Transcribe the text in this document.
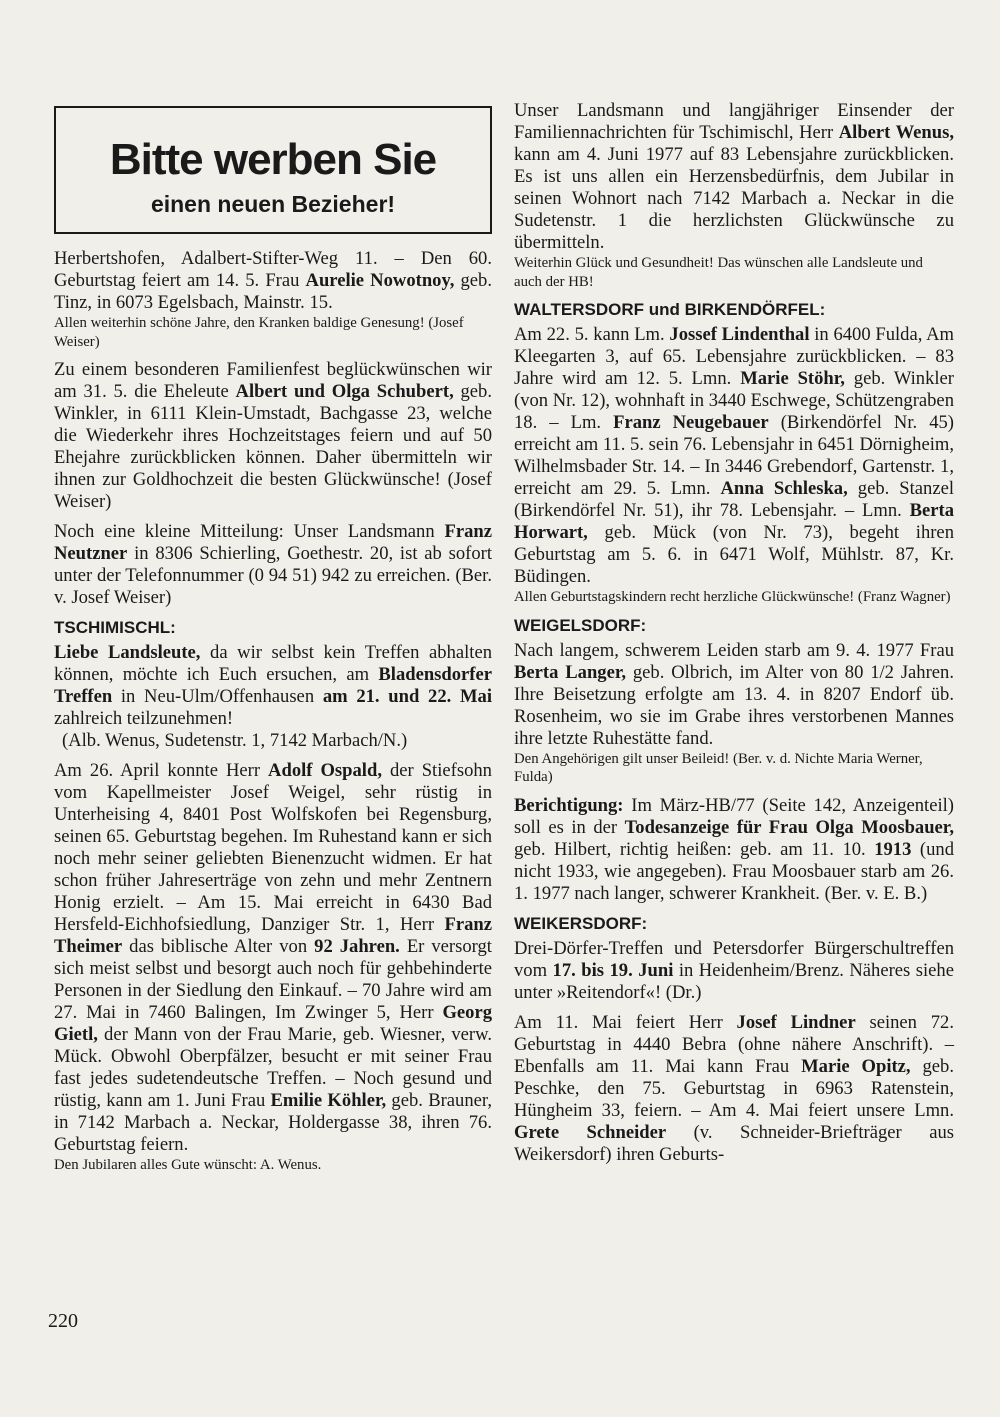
Bitte werben Sie
einen neuen Bezieher!

Herbertshofen, Adalbert-Stifter-Weg 11. – Den 60. Geburtstag feiert am 14. 5. Frau Aurelie Nowotnoy, geb. Tinz, in 6073 Egelsbach, Mainstr. 15.

Allen weiterhin schöne Jahre, den Kranken baldige Genesung! (Josef Weiser)

Zu einem besonderen Familienfest beglückwünschen wir am 31. 5. die Eheleute Albert und Olga Schubert, geb. Winkler, in 6111 Klein-Umstadt, Bachgasse 23, welche die Wiederkehr ihres Hochzeitstages feiern und auf 50 Ehejahre zurückblicken können. Daher übermitteln wir ihnen zur Goldhochzeit die besten Glückwünsche! (Josef Weiser)

Noch eine kleine Mitteilung: Unser Landsmann Franz Neutzner in 8306 Schierling, Goethestr. 20, ist ab sofort unter der Telefonnummer (0 94 51) 942 zu erreichen. (Ber. v. Josef Weiser)

TSCHIMISCHL:

Liebe Landsleute, da wir selbst kein Treffen abhalten können, möchte ich Euch ersuchen, am Bladensdorfer Treffen in Neu-Ulm/Offenhausen am 21. und 22. Mai zahlreich teilzunehmen!

(Alb. Wenus, Sudetenstr. 1, 7142 Marbach/N.)

Am 26. April konnte Herr Adolf Ospald, der Stiefsohn vom Kapellmeister Josef Weigel, sehr rüstig in Unterheising 4, 8401 Post Wolfskofen bei Regensburg, seinen 65. Geburtstag begehen. Im Ruhestand kann er sich noch mehr seiner geliebten Bienenzucht widmen. Er hat schon früher Jahreserträge von zehn und mehr Zentnern Honig erzielt. – Am 15. Mai erreicht in 6430 Bad Hersfeld-Eichhofsiedlung, Danziger Str. 1, Herr Franz Theimer das biblische Alter von 92 Jahren. Er versorgt sich meist selbst und besorgt auch noch für gehbehinderte Personen in der Siedlung den Einkauf. – 70 Jahre wird am 27. Mai in 7460 Balingen, Im Zwinger 5, Herr Georg Gietl, der Mann von der Frau Marie, geb. Wiesner, verw. Mück. Obwohl Oberpfälzer, besucht er mit seiner Frau fast jedes sudetendeutsche Treffen. – Noch gesund und rüstig, kann am 1. Juni Frau Emilie Köhler, geb. Brauner, in 7142 Marbach a. Neckar, Holdergasse 38, ihren 76. Geburtstag feiern.

Den Jubilaren alles Gute wünscht: A. Wenus.

Unser Landsmann und langjähriger Einsender der Familiennachrichten für Tschimischl, Herr Albert Wenus, kann am 4. Juni 1977 auf 83 Lebensjahre zurückblicken. Es ist uns allen ein Herzensbedürfnis, dem Jubilar in seinen Wohnort nach 7142 Marbach a. Neckar in die Sudetenstr. 1 die herzlichsten Glückwünsche zu übermitteln.

Weiterhin Glück und Gesundheit! Das wünschen alle Landsleute und auch der HB!

WALTERSDORF und BIRKENDÖRFEL:

Am 22. 5. kann Lm. Jossef Lindenthal in 6400 Fulda, Am Kleegarten 3, auf 65. Lebensjahre zurückblicken. – 83 Jahre wird am 12. 5. Lmn. Marie Stöhr, geb. Winkler (von Nr. 12), wohnhaft in 3440 Eschwege, Schützengraben 18. – Lm. Franz Neugebauer (Birkendörfel Nr. 45) erreicht am 11. 5. sein 76. Lebensjahr in 6451 Dörnigheim, Wilhelmsbader Str. 14. – In 3446 Grebendorf, Gartenstr. 1, erreicht am 29. 5. Lmn. Anna Schleska, geb. Stanzel (Birkendörfel Nr. 51), ihr 78. Lebensjahr. – Lmn. Berta Horwart, geb. Mück (von Nr. 73), begeht ihren Geburtstag am 5. 6. in 6471 Wolf, Mühlstr. 87, Kr. Büdingen.

Allen Geburtstagskindern recht herzliche Glückwünsche! (Franz Wagner)

WEIGELSDORF:

Nach langem, schwerem Leiden starb am 9. 4. 1977 Frau Berta Langer, geb. Olbrich, im Alter von 80 1/2 Jahren. Ihre Beisetzung erfolgte am 13. 4. in 8207 Endorf üb. Rosenheim, wo sie im Grabe ihres verstorbenen Mannes ihre letzte Ruhestätte fand.

Den Angehörigen gilt unser Beileid! (Ber. v. d. Nichte Maria Werner, Fulda)

Berichtigung: Im März-HB/77 (Seite 142, Anzeigenteil) soll es in der Todesanzeige für Frau Olga Moosbauer, geb. Hilbert, richtig heißen: geb. am 11. 10. 1913 (und nicht 1933, wie angegeben). Frau Moosbauer starb am 26. 1. 1977 nach langer, schwerer Krankheit. (Ber. v. E. B.)

WEIKERSDORF:

Drei-Dörfer-Treffen und Petersdorfer Bürgerschultreffen vom 17. bis 19. Juni in Heidenheim/Brenz. Näheres siehe unter »Reitendorf«! (Dr.)

Am 11. Mai feiert Herr Josef Lindner seinen 72. Geburtstag in 4440 Bebra (ohne nähere Anschrift). – Ebenfalls am 11. Mai kann Frau Marie Opitz, geb. Peschke, den 75. Geburtstag in 6963 Ratenstein, Hüngheim 33, feiern. – Am 4. Mai feiert unsere Lmn. Grete Schneider (v. Schneider-Briefträger aus Weikersdorf) ihren Geburts-

220
